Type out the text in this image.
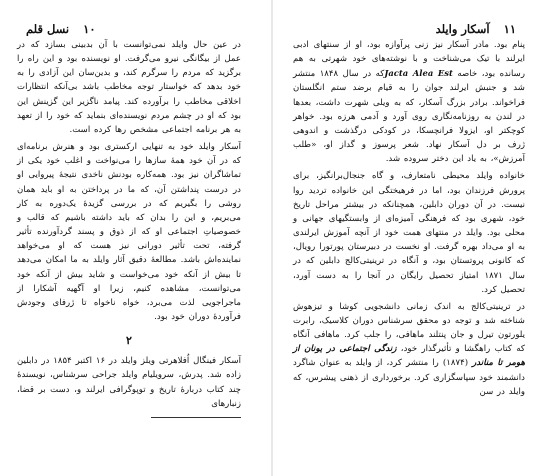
۱۱ آسکار وایلد

پنام بود. مادر آسکار نیز زنی پرآوازه بود، او از سنتهای ادبی ایرلند با تیک می‌شناخت و با نوشته‌های خود شهرتی به هم رسانده بود، خاصه Jacta Alea Estکه در سال ۱۸۴۸ منتشر شد و جنبش ایرلند جوان را به قیام برضد ستم انگلستان فراخواند. برادر بزرگ آسکار، که به ویلی شهرت داشت، بعدها در لندن به روزنامه‌نگاری روی آورد و آدمی هرزه بود. خواهر کوچکتر او، ایزولا فرانچسکا، در کودکی درگذشت و اندوهی ژرف بر دل آسکار نهاد. شعر پرسوز و گداز او، «طلب آمرزش»، به یاد این دختر سروده شد.

خانواده وایلد محیطی نامتعارف، و گاه جنجال‌برانگیز، برای پرورش فرزندان بود، اما در فرهیختگی این خانواده تردید روا نیست. در آن دوران دابلین، همچنانکه در بیشتر مراحل تاریخ خود، شهری بود که فرهنگی آمیزه‌ای از وابستگیهای جهانی و محلی بود. وایلد در منتهای همت خود از آنچه آموزش ایرلندی به او می‌داد بهره گرفت. او نخست در دبیرستان پورتورا رویال، که کانونی پروتستان بود، و آنگاه در ترینیتی‌کالج دابلین که در سال ۱۸۷۱ امتیاز تحصیل رایگان در آنجا را به دست آورد، تحصیل کرد.

در ترینیتی‌کالج به اندک زمانی دانشجویی کوشا و تیزهوش شناخته شد و توجه دو محقق سرشناس دوران کلاسیک، رابرت یلورتون تیرل و جان پنتلند ماهافی، را جلب کرد. ماهافی آنگاه که کتاب راهگشا و تأثیرگذار خود، زندگی اجتماعی در یونان از هومر تا مناندر (۱۸۷۴) را منتشر کرد، از وایلد به عنوان شاگرد دانشمند خود سپاسگزاری کرد. برخورداری از ذهنی پیشرس، که وایلد در سن

۱۰ نسل قلم

در عین حال وایلد نمی‌توانست با آن بدبینی بسازد که در عمل از بیگانگی نیرو می‌گرفت. او نویسنده بود و این راه را برگزید که مردم را سرگرم کند، و بدین‌سان این آزادی را به خود بدهد که خواستار توجه مخاطب باشد بی‌آنکه انتظارات اخلاقی مخاطب را برآورده کند. پیامد ناگزیر این گزینش این بود که او در چشم مردم نویسنده‌ای بنماید که خود را از تعهد به هر برنامه اجتماعی مشخص رها کرده است.

آسکار وایلد خود به تنهایی ارکستری بود و هنرش برنامه‌ای که در آن خود همهٔ سازها را می‌نواخت و اغلب خود یکی از تماشاگران نیز بود. همه‌کاره بودنش ناخدی نتیجهٔ پیروایی او در درست پنداشتن آن، که ما در پرداختن به او باید همان روشی را بگیریم که در بررسی گزیدهٔ یک‌دوره به کار می‌بریم، و این را بدان که باید داشته باشیم که قالب و خصوصیاتِ اجتماعی او که از ذوق و پسند گردآورنده تأثیر گرفته، تحت تأثیر دورانی نیز هست که او می‌خواهد نماینده‌اش باشد. مطالعهٔ دقیق آثار وایلد به ما امکان می‌دهد تا بیش از آنکه خود می‌خواست و شاید بیش از آنکه خود می‌توانست، مشاهده کنیم، زیرا او آگهیه آشکارا از ماجراجویی لذت می‌برد، خواه ناخواه تا ژرفای وجودش فرآوردهٔ دوران خود بود.

۲

آسکار فینگال اُفلاهرتی ویلز وایلد در ۱۶ اکتبر ۱۸۵۴ در دابلین زاده شد. پدرش، سرویلیام وایلد جراحی سرشناس، نویسندهٔ چند کتاب دربارهٔ تاریخ و توپوگرافی ایرلند و، دست بر قضا، زنبارهای
